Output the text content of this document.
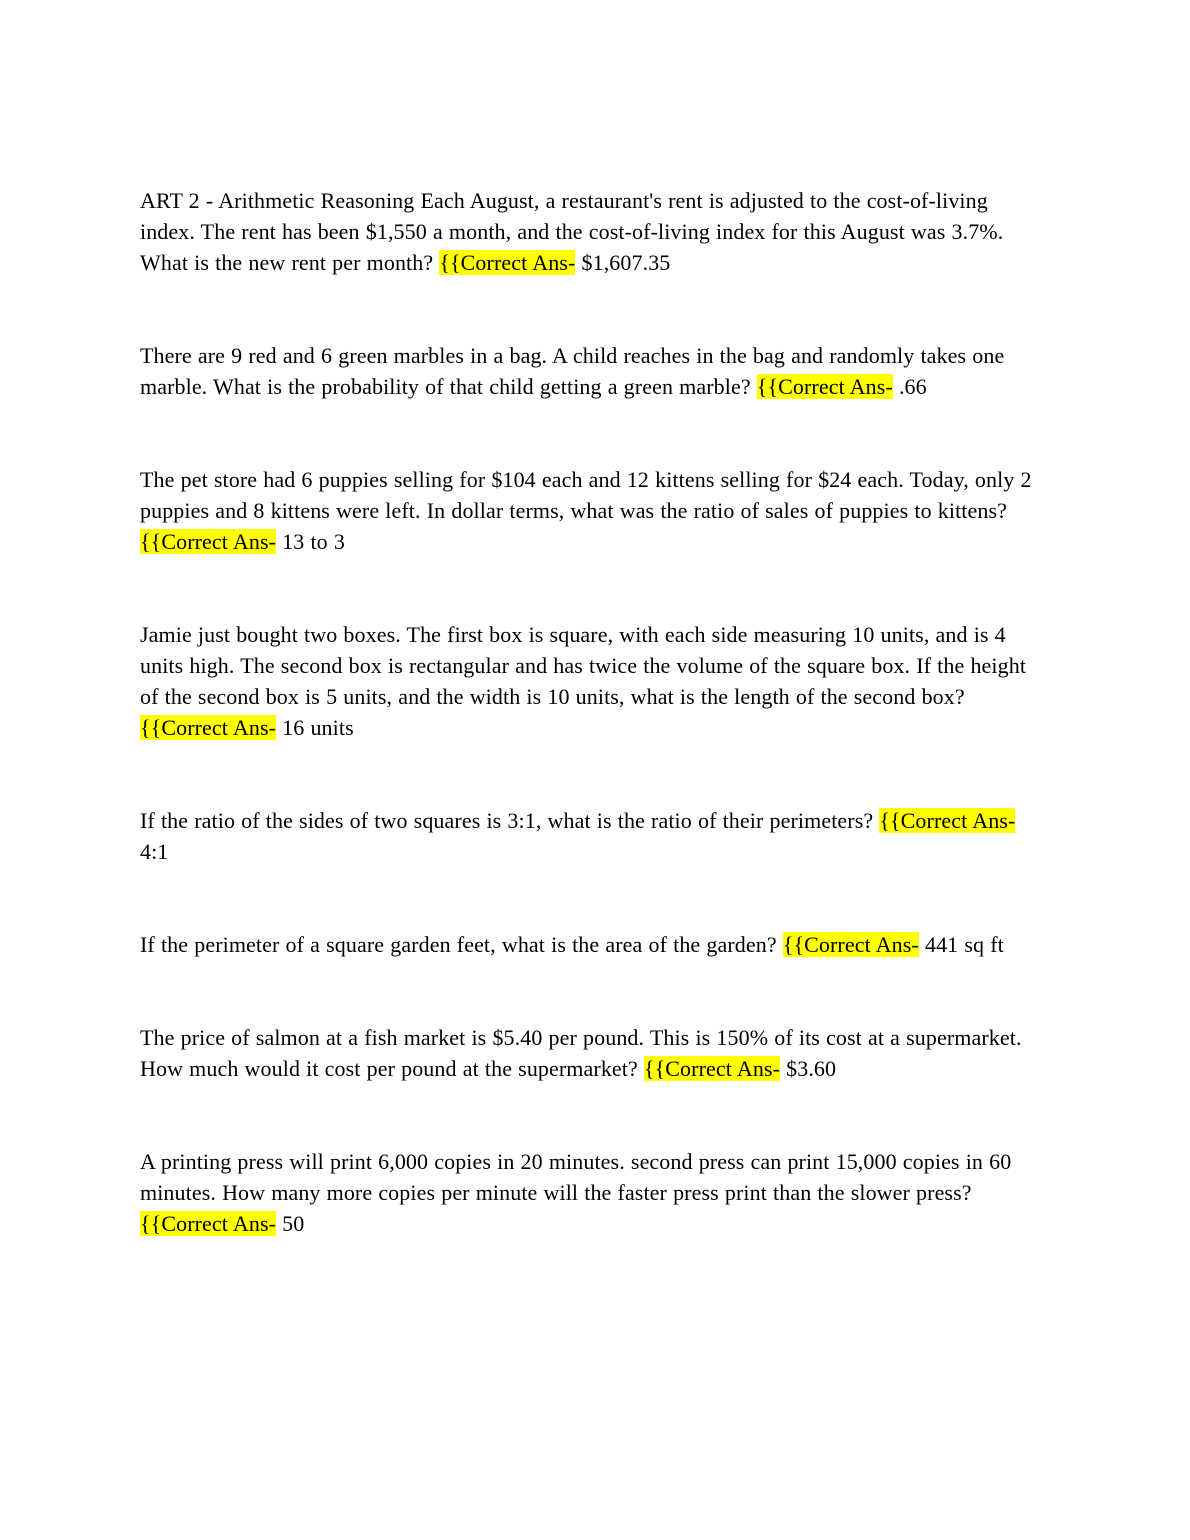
ART 2 - Arithmetic Reasoning Each August, a restaurant's rent is adjusted to the cost-of-living index. The rent has been $1,550 a month, and the cost-of-living index for this August was 3.7%. What is the new rent per month? {{Correct Ans- $1,607.35

There are 9 red and 6 green marbles in a bag. A child reaches in the bag and randomly takes one marble. What is the probability of that child getting a green marble? {{Correct Ans- .66

The pet store had 6 puppies selling for $104 each and 12 kittens selling for $24 each. Today, only 2 puppies and 8 kittens were left. In dollar terms, what was the ratio of sales of puppies to kittens? {{Correct Ans- 13 to 3

Jamie just bought two boxes. The first box is square, with each side measuring 10 units, and is 4 units high. The second box is rectangular and has twice the volume of the square box. If the height of the second box is 5 units, and the width is 10 units, what is the length of the second box? {{Correct Ans- 16 units

If the ratio of the sides of two squares is 3:1, what is the ratio of their perimeters? {{Correct Ans- 4:1

If the perimeter of a square garden feet, what is the area of the garden? {{Correct Ans- 441 sq ft

The price of salmon at a fish market is $5.40 per pound. This is 150% of its cost at a supermarket. How much would it cost per pound at the supermarket? {{Correct Ans- $3.60

A printing press will print 6,000 copies in 20 minutes. second press can print 15,000 copies in 60 minutes. How many more copies per minute will the faster press print than the slower press? {{Correct Ans- 50
